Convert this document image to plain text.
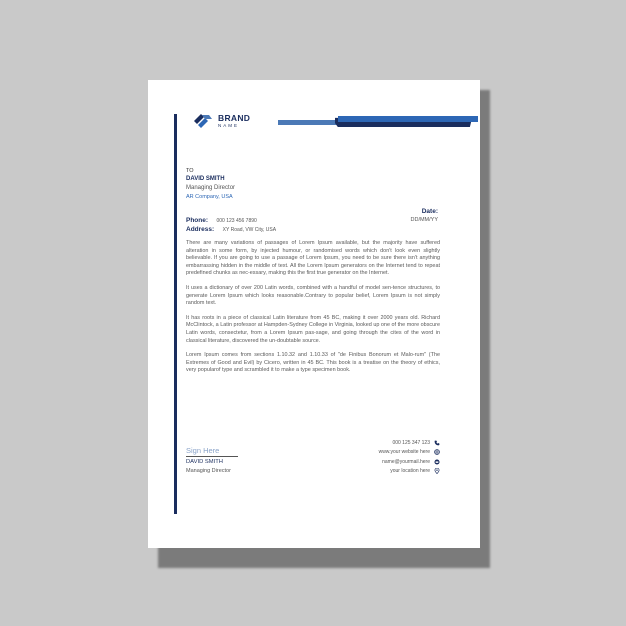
BRAND
NAME
TO
DAVID SMITH
Managing Director
AR Company, USA
Phone: 000 123 456 7890
Address: XY Road, VW City, USA
Date:
DD/MM/YY

There are many variations of passages of Lorem Ipsum available, but the majority have suffered alteration in some form, by injected humour, or randomised words which don't look even slightly believable. If you are going to use a passage of Lorem Ipsum, you need to be sure there isn't anything embarrassing hidden in the middle of text. All the Lorem Ipsum generators on the Internet tend to repeat predefined chunks as nec-essary, making this the first true generator on the Internet.

It uses a dictionary of over 200 Latin words, combined with a handful of model sen-tence structures, to generate Lorem Ipsum which looks reasonable.Contrary to popular belief, Lorem Ipsum is not simply random text.

It has roots in a piece of classical Latin literature from 45 BC, making it over 2000 years old. Richard McClintock, a Latin professor at Hampden-Sydney College in Virginia, looked up one of the more obscure Latin words, consectetur, from a Lorem Ipsum pas-sage, and going through the cites of the word in classical literature, discovered the un-doubtable source.

Lorem Ipsum comes from sections 1.10.32 and 1.10.33 of "de Finibus Bonorum et Malo-rum" (The Extremes of Good and Evil) by Cicero, written in 45 BC. This book is a treatise on the theory of ethics, very popularof type and scrambled it to make a type specimen book.

Sign Here
DAVID SMITH
Managing Director
000 125 347 123
www.your website here
name@yourmail.here
your location here
